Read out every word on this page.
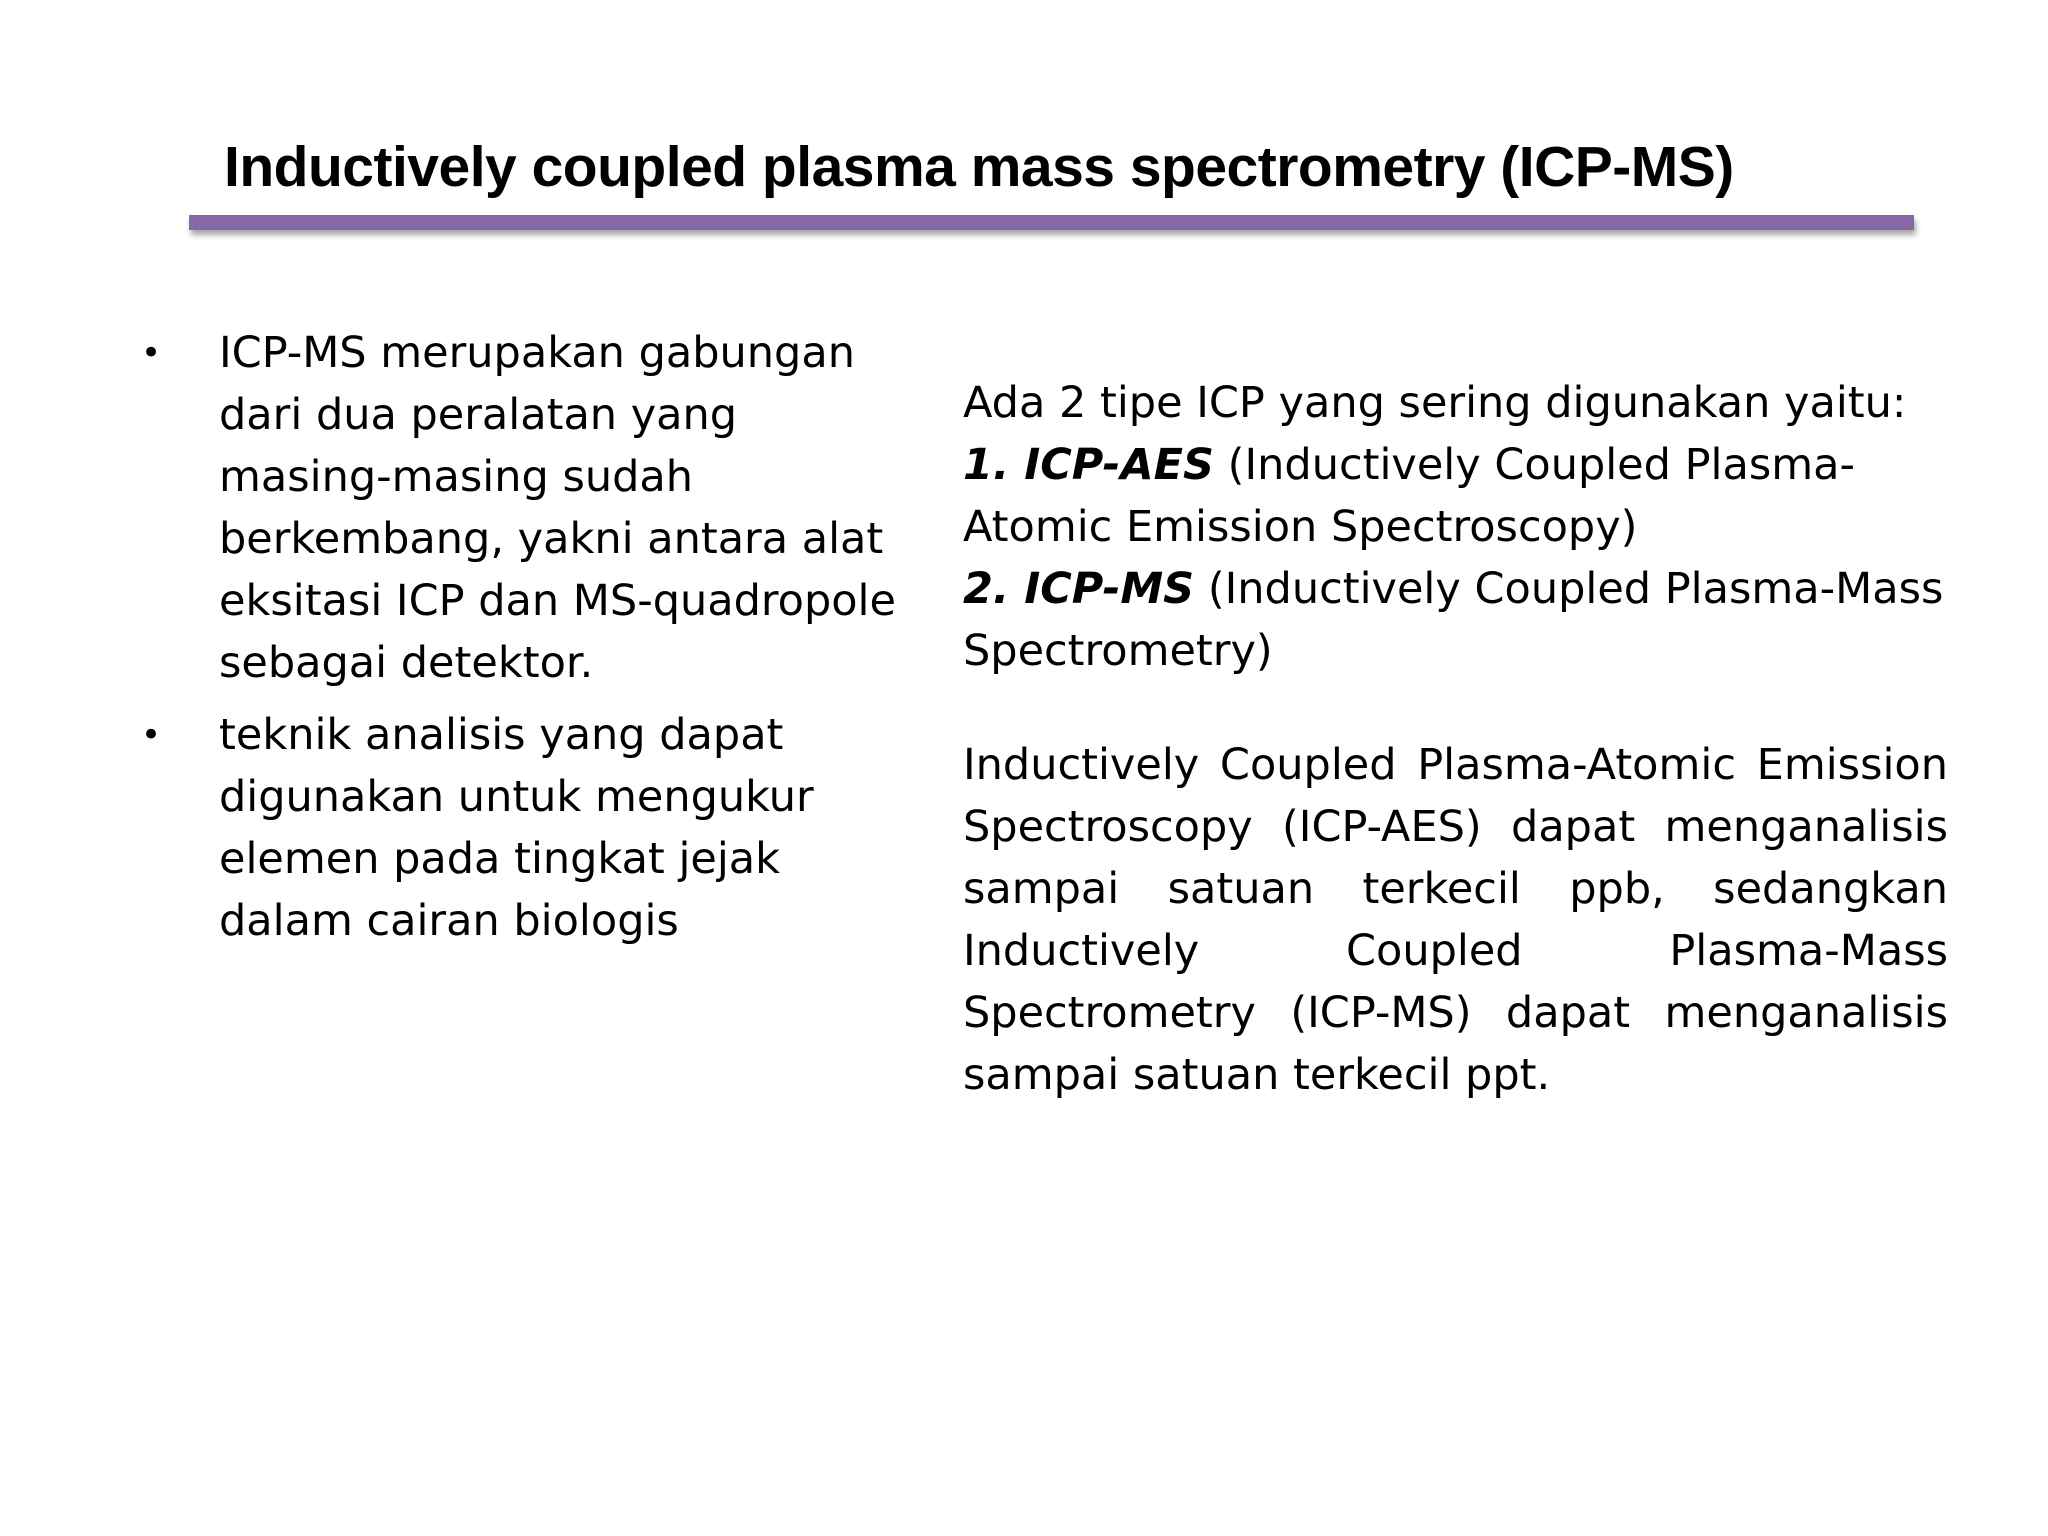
Inductively coupled plasma mass spectrometry (ICP-MS)
• ICP-MS merupakan gabungan dari dua peralatan yang masing-masing sudah berkembang, yakni antara alat eksitasi ICP dan MS-quadropole sebagai detektor.
• teknik analisis yang dapat digunakan untuk mengukur elemen pada tingkat jejak dalam cairan biologis

Ada 2 tipe ICP yang sering digunakan yaitu:

1. ICP-AES (Inductively Coupled Plasma-Atomic Emission Spectroscopy)

2. ICP-MS (Inductively Coupled Plasma-Mass Spectrometry)

Inductively Coupled Plasma-Atomic Emission Spectroscopy (ICP-AES) dapat menganalisis sampai satuan terkecil ppb, sedangkan Inductively Coupled Plasma-Mass Spectrometry (ICP-MS) dapat menganalisis sampai satuan terkecil ppt.
